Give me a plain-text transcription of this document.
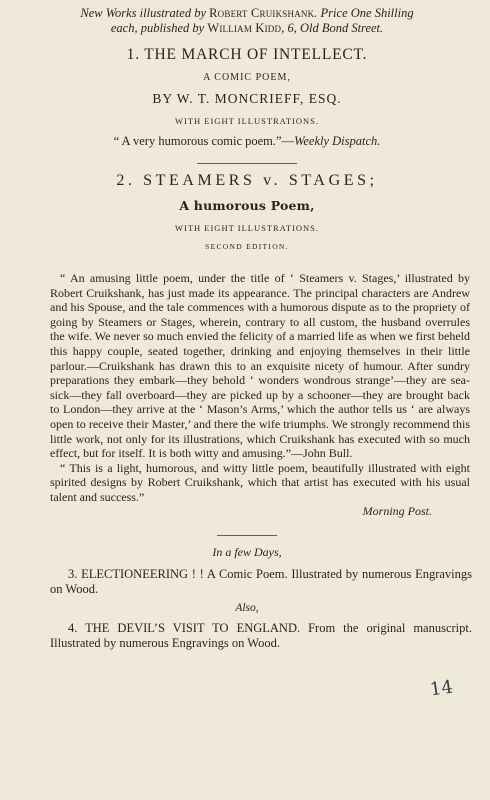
New Works illustrated by Robert Cruikshank. Price One Shilling
each, published by William Kidd, 6, Old Bond Street.
1. THE MARCH OF INTELLECT.
A COMIC POEM,
BY W. T. MONCRIEFF, ESQ.
WITH EIGHT ILLUSTRATIONS.
“ A very humorous comic poem.”—Weekly Dispatch.
2. STEAMERS v. STAGES;
A humorous Poem,
WITH EIGHT ILLUSTRATIONS.
SECOND EDITION.

“ An amusing little poem, under the title of ‘ Steamers v. Stages,’ illustrated by Robert Cruikshank, has just made its appearance. The principal characters are Andrew and his Spouse, and the tale commences with a humorous dispute as to the propriety of going by Steamers or Stages, wherein, contrary to all custom, the husband overrules the wife. We never so much envied the felicity of a married life as when we first beheld this happy couple, seated together, drinking and enjoying themselves in their little parlour.—Cruikshank has drawn this to an exquisite nicety of humour. After sundry preparations they embark—they behold ‘ wonders wondrous strange’—they are sea-sick—they fall overboard—they are picked up by a schooner—they are brought back to London—they arrive at the ‘ Mason’s Arms,’ which the author tells us ‘ are always open to receive their Master,’ and there the wife triumphs. We strongly recommend this little work, not only for its illustrations, which Cruikshank has executed with so much effect, but for itself. It is both witty and amusing.”—John Bull.

“ This is a light, humorous, and witty little poem, beautifully illustrated with eight spirited designs by Robert Cruikshank, which that artist has executed with his usual talent and success.”

Morning Post.
In a few Days,

3. ELECTIONEERING ! ! A Comic Poem. Illustrated by numerous Engravings on Wood.

Also,

4. THE DEVIL’S VISIT TO ENGLAND. From the original manuscript. Illustrated by numerous Engravings on Wood.

14
